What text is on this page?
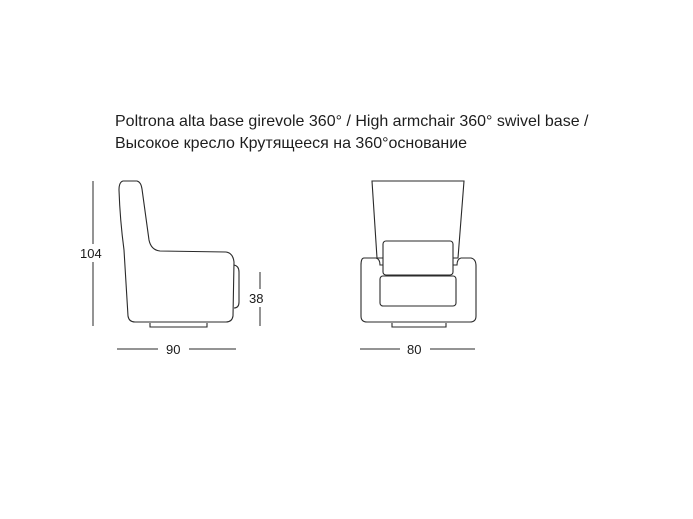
Poltrona alta base girevole 360° / High armchair 360° swivel base /
Высокое кресло Крутящееся на 360°основание
104
38
90	80
